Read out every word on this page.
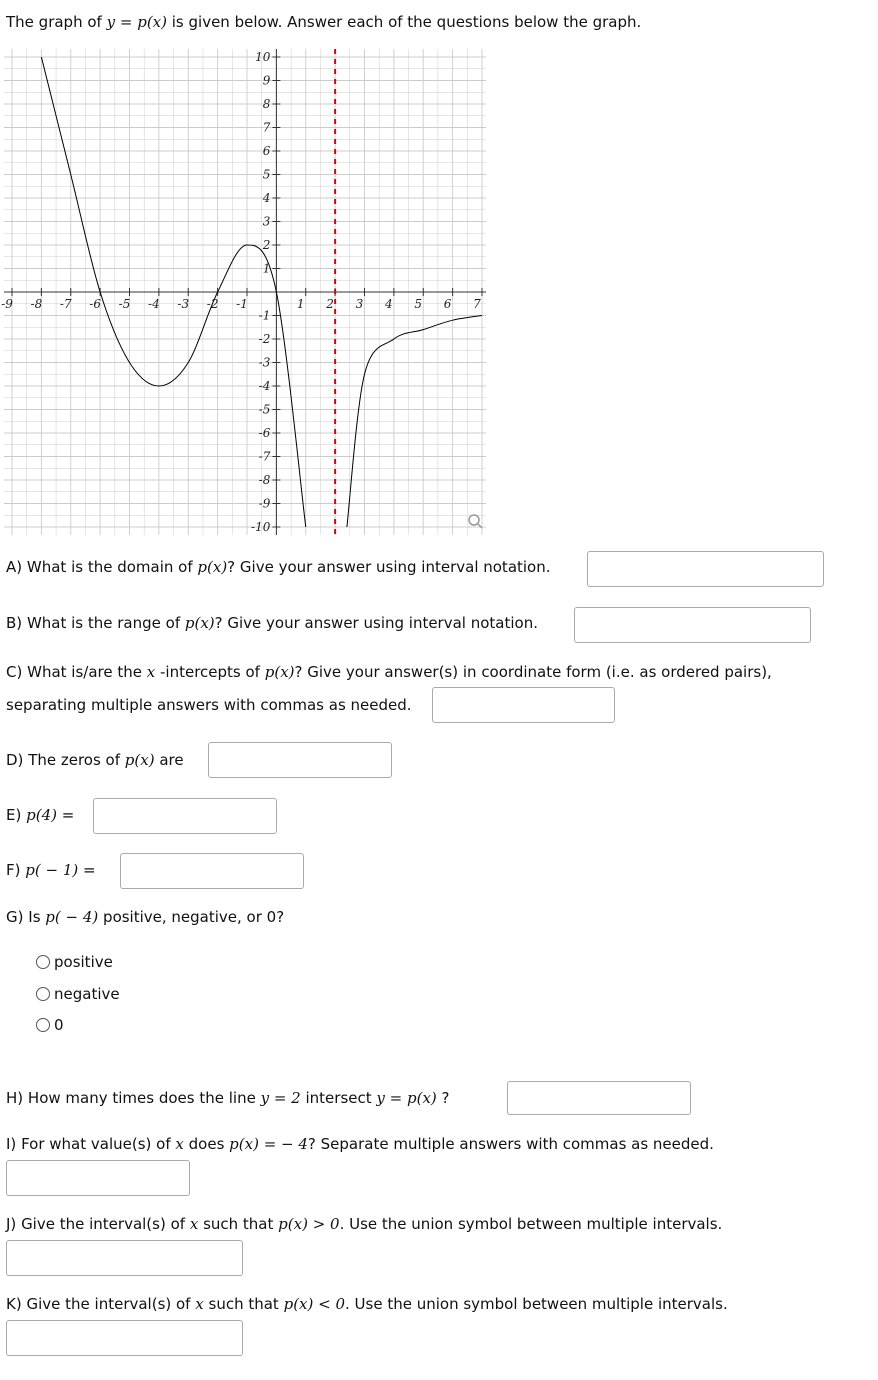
The graph of y = p(x) is given below. Answer each of the questions below the graph.
-9 -8 -7 -6 -5 -4 -3 -2 -1	1 2 3 4 5 6 7
10
9
8
7
6
5
4
3
2
1
-1
-2
-3
-4
-5
-6
-7
-8
-9
-10
A) What is the domain of p(x)? Give your answer using interval notation.
B) What is the range of p(x)? Give your answer using interval notation.
C) What is/are the x -intercepts of p(x)? Give your answer(s) in coordinate form (i.e. as ordered pairs),
separating multiple answers with commas as needed.
D) The zeros of p(x) are
E) p(4) =
F) p( − 1) =
G) Is p( − 4) positive, negative, or 0?
positive
negative
0
H) How many times does the line y = 2 intersect y = p(x) ?
I) For what value(s) of x does p(x) = − 4? Separate multiple answers with commas as needed.
J) Give the interval(s) of x such that p(x) > 0. Use the union symbol between multiple intervals.
K) Give the interval(s) of x such that p(x) < 0. Use the union symbol between multiple intervals.
